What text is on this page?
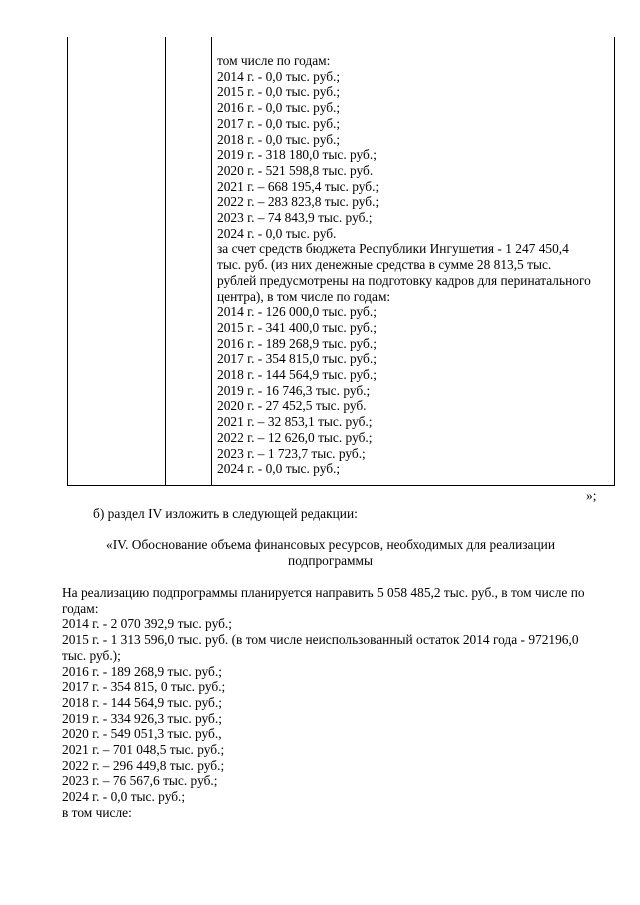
том числе по годам:
2014 г. - 0,0 тыс. руб.;
2015 г. - 0,0 тыс. руб.;
2016 г. - 0,0 тыс. руб.;
2017 г. - 0,0 тыс. руб.;
2018 г. - 0,0 тыс. руб.;
2019 г. - 318 180,0 тыс. руб.;
2020 г. - 521 598,8 тыс. руб.
2021 г. – 668 195,4 тыс. руб.;
2022 г. – 283 823,8 тыс. руб.;
2023 г. – 74 843,9 тыс. руб.;
2024 г. - 0,0 тыс. руб.
за счет средств бюджета Республики Ингушетия - 1 247 450,4
тыс. руб. (из них денежные средства в сумме 28 813,5 тыс.
рублей предусмотрены на подготовку кадров для перинатального
центра), в том числе по годам:
2014 г. - 126 000,0 тыс. руб.;
2015 г. - 341 400,0 тыс. руб.;
2016 г. - 189 268,9 тыс. руб.;
2017 г. - 354 815,0 тыс. руб.;
2018 г. - 144 564,9 тыс. руб.;
2019 г. - 16 746,3 тыс. руб.;
2020 г. - 27 452,5 тыс. руб.
2021 г. – 32 853,1 тыс. руб.;
2022 г. – 12 626,0 тыс. руб.;
2023 г. – 1 723,7 тыс. руб.;
2024 г. - 0,0 тыс. руб.;
»;
б) раздел IV изложить в следующей редакции:
«IV. Обоснование объема финансовых ресурсов, необходимых для реализации
подпрограммы
На реализацию подпрограммы планируется направить 5 058 485,2 тыс. руб., в том числе по
годам:
2014 г. - 2 070 392,9 тыс. руб.;
2015 г. - 1 313 596,0 тыс. руб. (в том числе неиспользованный остаток 2014 года - 972196,0
тыс. руб.);
2016 г. - 189 268,9 тыс. руб.;
2017 г. - 354 815, 0 тыс. руб.;
2018 г. - 144 564,9 тыс. руб.;
2019 г. - 334 926,3 тыс. руб.;
2020 г. - 549 051,3 тыс. руб.,
2021 г. – 701 048,5 тыс. руб.;
2022 г. – 296 449,8 тыс. руб.;
2023 г. – 76 567,6 тыс. руб.;
2024 г. - 0,0 тыс. руб.;
в том числе:
